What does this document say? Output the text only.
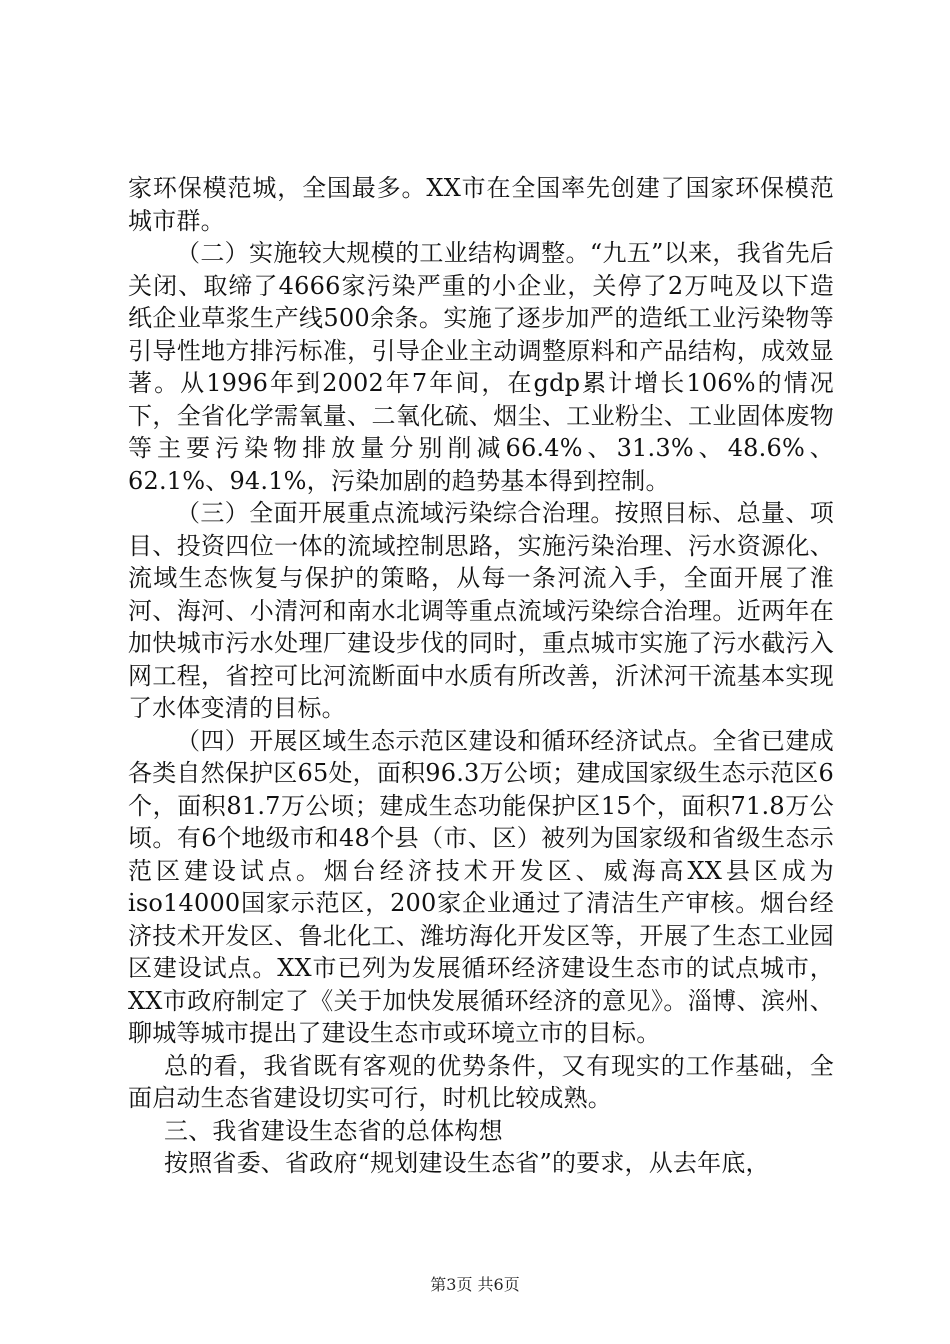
家环保模范城，全国最多。XX市在全国率先创建了国家环保模范城市群。

（二）实施较大规模的工业结构调整。“九五”以来，我省先后关闭、取缔了4666家污染严重的小企业，关停了2万吨及以下造纸企业草浆生产线500余条。实施了逐步加严的造纸工业污染物等引导性地方排污标准，引导企业主动调整原料和产品结构，成效显著。从1996年到2002年7年间，在gdp累计增长106%的情况下，全省化学需氧量、二氧化硫、烟尘、工业粉尘、工业固体废物等主要污染物排放量分别削减66.4%、31.3%、48.6%、62.1%、94.1%，污染加剧的趋势基本得到控制。

（三）全面开展重点流域污染综合治理。按照目标、总量、项目、投资四位一体的流域控制思路，实施污染治理、污水资源化、流域生态恢复与保护的策略，从每一条河流入手，全面开展了淮河、海河、小清河和南水北调等重点流域污染综合治理。近两年在加快城市污水处理厂建设步伐的同时，重点城市实施了污水截污入网工程，省控可比河流断面中水质有所改善，沂沭河干流基本实现了水体变清的目标。

（四）开展区域生态示范区建设和循环经济试点。全省已建成各类自然保护区65处，面积96.3万公顷；建成国家级生态示范区6个，面积81.7万公顷；建成生态功能保护区15个，面积71.8万公顷。有6个地级市和48个县（市、区）被列为国家级和省级生态示范区建设试点。烟台经济技术开发区、威海高XX县区成为iso14000国家示范区，200家企业通过了清洁生产审核。烟台经济技术开发区、鲁北化工、潍坊海化开发区等，开展了生态工业园区建设试点。XX市已列为发展循环经济建设生态市的试点城市，XX市政府制定了《关于加快发展循环经济的意见》。淄博、滨州、聊城等城市提出了建设生态市或环境立市的目标。

总的看，我省既有客观的优势条件，又有现实的工作基础，全面启动生态省建设切实可行，时机比较成熟。

三、我省建设生态省的总体构想

按照省委、省政府“规划建设生态省”的要求，从去年底，

第3页 共6页
